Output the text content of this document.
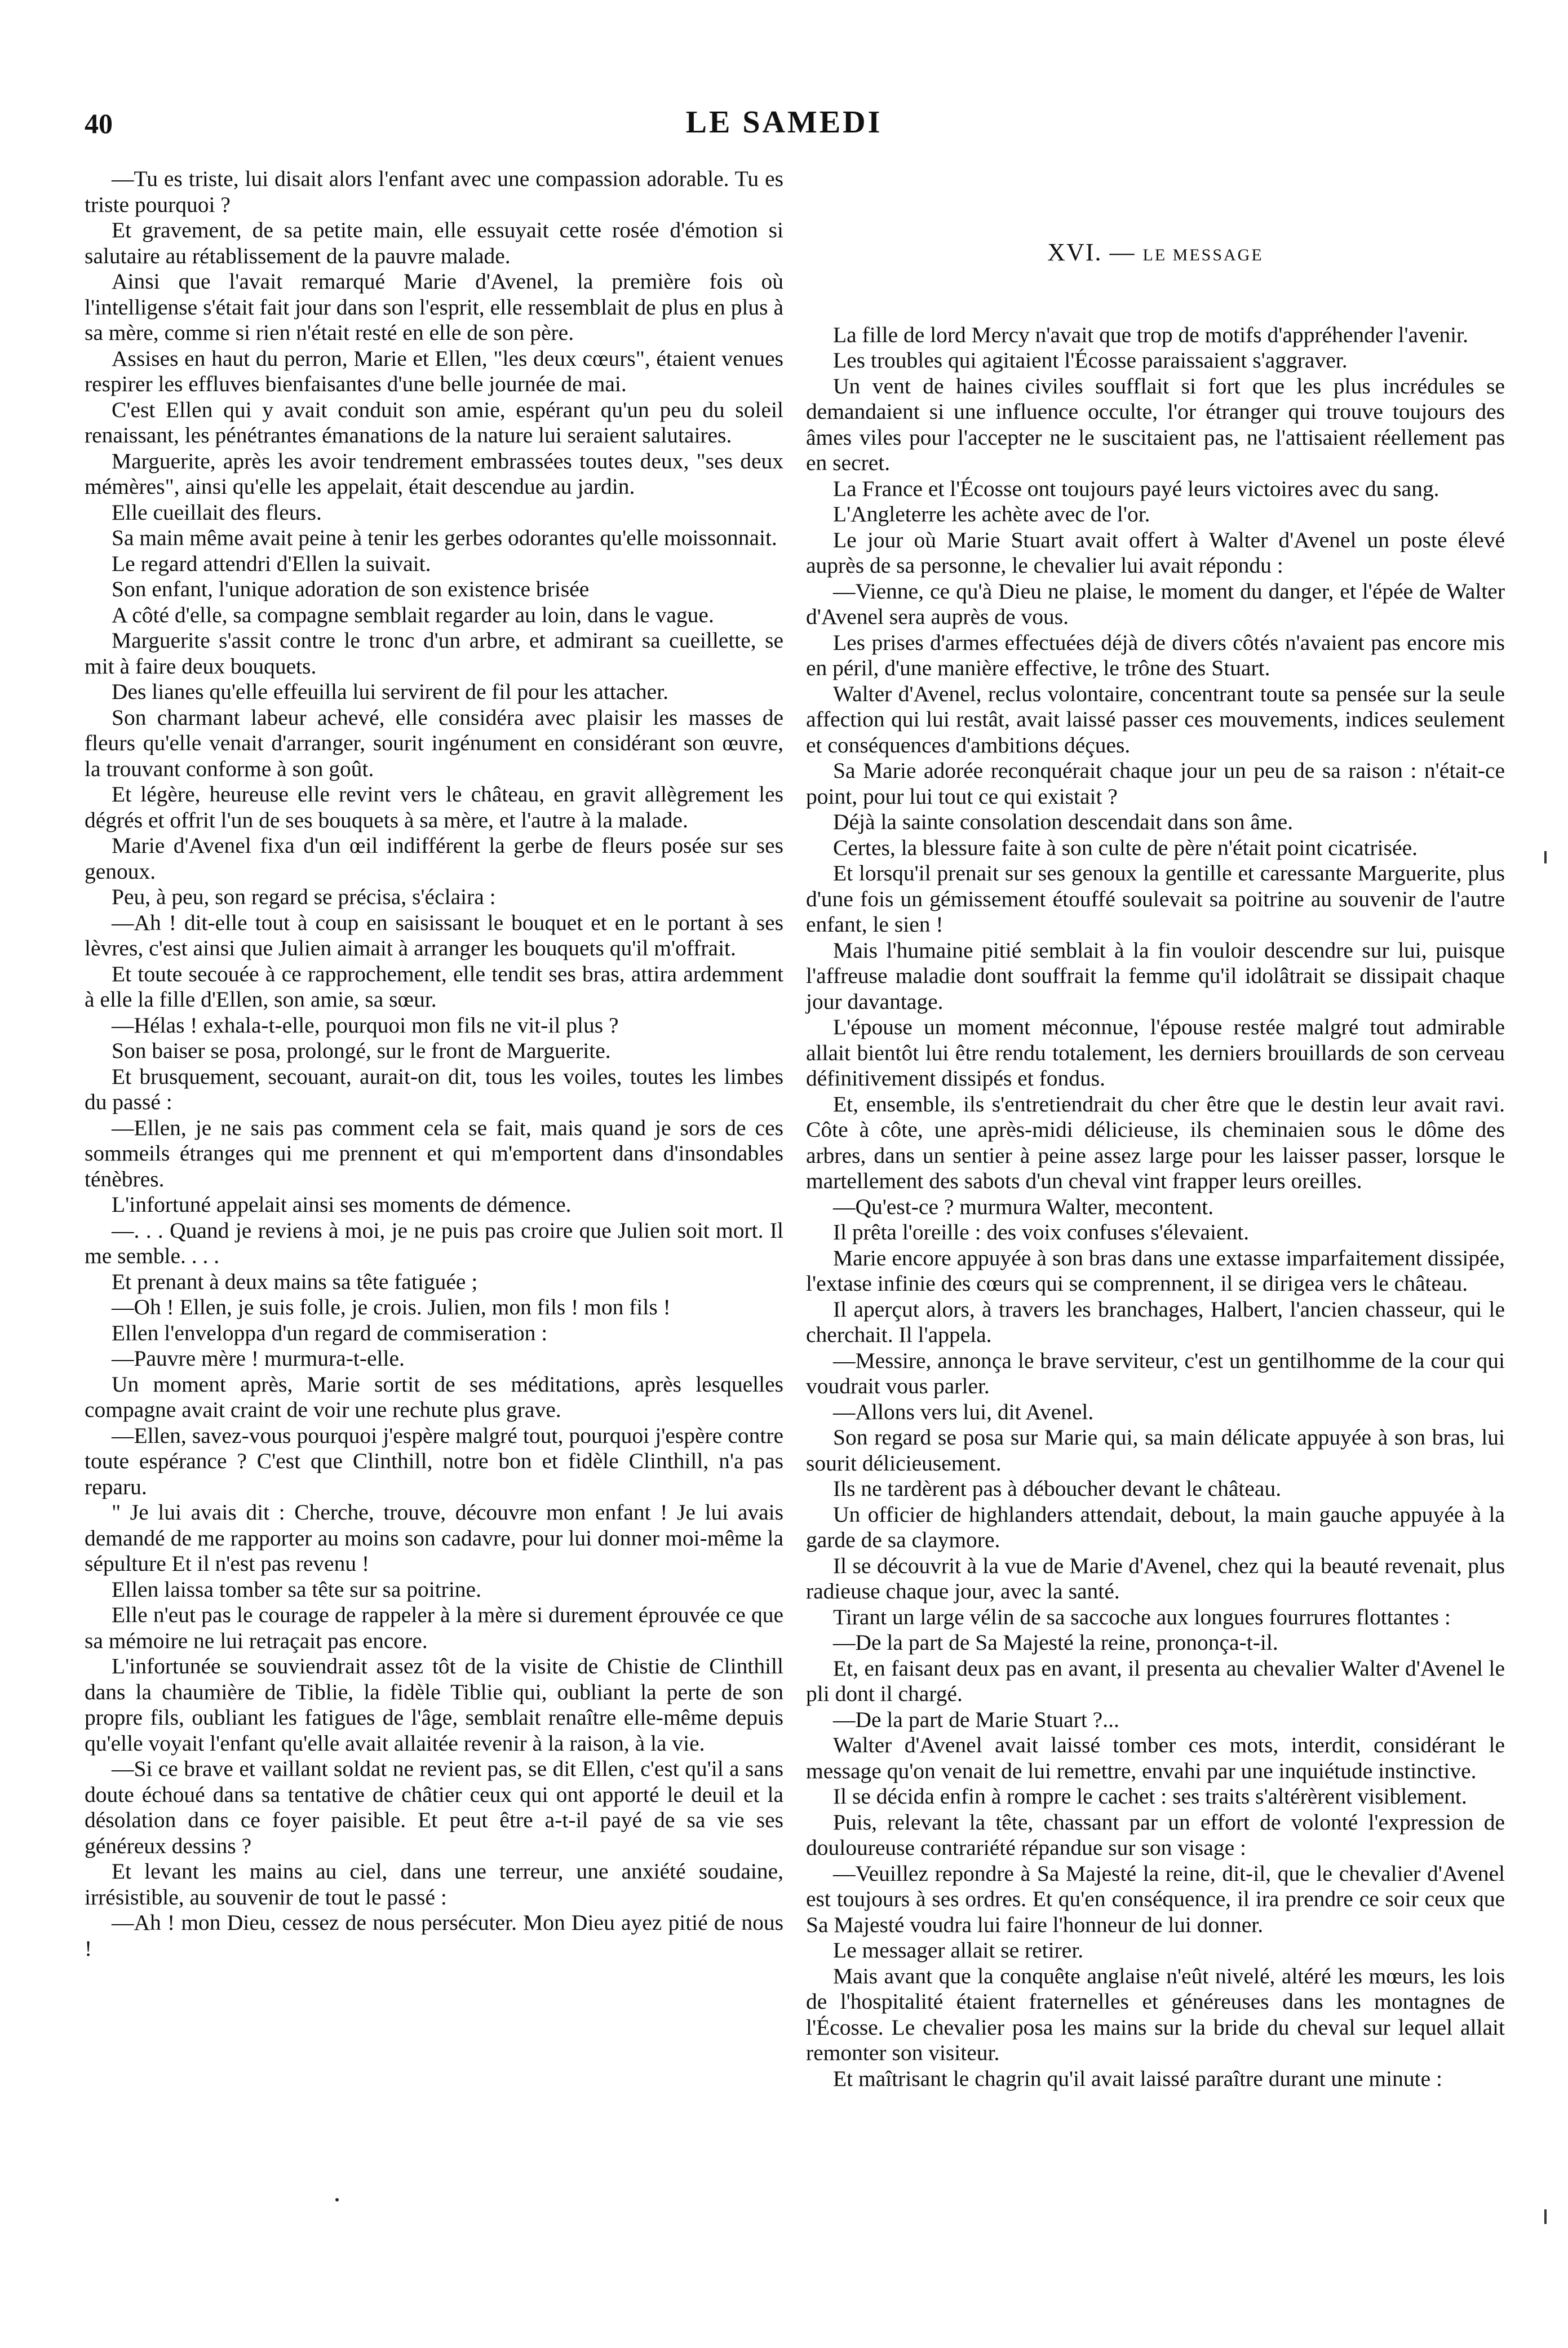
40	LE SAMEDI

—Tu es triste, lui disait alors l'enfant avec une compassion adorable. Tu es triste pourquoi ?

Et gravement, de sa petite main, elle essuyait cette rosée d'émotion si salutaire au rétablissement de la pauvre malade.

Ainsi que l'avait remarqué Marie d'Avenel, la première fois où l'intelligense s'était fait jour dans son l'esprit, elle ressemblait de plus en plus à sa mère, comme si rien n'était resté en elle de son père.

Assises en haut du perron, Marie et Ellen, "les deux cœurs", étaient venues respirer les effluves bienfaisantes d'une belle journée de mai.

C'est Ellen qui y avait conduit son amie, espérant qu'un peu du soleil renaissant, les pénétrantes émanations de la nature lui seraient salutaires.

Marguerite, après les avoir tendrement embrassées toutes deux, "ses deux mémères", ainsi qu'elle les appelait, était descendue au jardin.

Elle cueillait des fleurs.

Sa main même avait peine à tenir les gerbes odorantes qu'elle moissonnait.

Le regard attendri d'Ellen la suivait.

Son enfant, l'unique adoration de son existence brisée

A côté d'elle, sa compagne semblait regarder au loin, dans le vague.

Marguerite s'assit contre le tronc d'un arbre, et admirant sa cueillette, se mit à faire deux bouquets.

Des lianes qu'elle effeuilla lui servirent de fil pour les attacher.

Son charmant labeur achevé, elle considéra avec plaisir les masses de fleurs qu'elle venait d'arranger, sourit ingénument en considérant son œuvre, la trouvant conforme à son goût.

Et légère, heureuse elle revint vers le château, en gravit allègrement les dégrés et offrit l'un de ses bouquets à sa mère, et l'autre à la malade.

Marie d'Avenel fixa d'un œil indifférent la gerbe de fleurs posée sur ses genoux.

Peu, à peu, son regard se précisa, s'éclaira :

—Ah ! dit-elle tout à coup en saisissant le bouquet et en le portant à ses lèvres, c'est ainsi que Julien aimait à arranger les bouquets qu'il m'offrait.

Et toute secouée à ce rapprochement, elle tendit ses bras, attira ardemment à elle la fille d'Ellen, son amie, sa sœur.

—Hélas ! exhala-t-elle, pourquoi mon fils ne vit-il plus ?

Son baiser se posa, prolongé, sur le front de Marguerite.

Et brusquement, secouant, aurait-on dit, tous les voiles, toutes les limbes du passé :

—Ellen, je ne sais pas comment cela se fait, mais quand je sors de ces sommeils étranges qui me prennent et qui m'emportent dans d'insondables ténèbres.

L'infortuné appelait ainsi ses moments de démence.

—. . . Quand je reviens à moi, je ne puis pas croire que Julien soit mort. Il me semble. . . .

Et prenant à deux mains sa tête fatiguée ;

—Oh ! Ellen, je suis folle, je crois. Julien, mon fils ! mon fils !

Ellen l'enveloppa d'un regard de commiseration :

—Pauvre mère ! murmura-t-elle.

Un moment après, Marie sortit de ses méditations, après lesquelles compagne avait craint de voir une rechute plus grave.

—Ellen, savez-vous pourquoi j'espère malgré tout, pourquoi j'espère contre toute espérance ? C'est que Clinthill, notre bon et fidèle Clinthill, n'a pas reparu.

" Je lui avais dit : Cherche, trouve, découvre mon enfant ! Je lui avais demandé de me rapporter au moins son cadavre, pour lui donner moi-même la sépulture Et il n'est pas revenu !

Ellen laissa tomber sa tête sur sa poitrine.

Elle n'eut pas le courage de rappeler à la mère si durement éprouvée ce que sa mémoire ne lui retraçait pas encore.

L'infortunée se souviendrait assez tôt de la visite de Chistie de Clinthill dans la chaumière de Tiblie, la fidèle Tiblie qui, oubliant la perte de son propre fils, oubliant les fatigues de l'âge, semblait renaître elle-même depuis qu'elle voyait l'enfant qu'elle avait allaitée revenir à la raison, à la vie.

—Si ce brave et vaillant soldat ne revient pas, se dit Ellen, c'est qu'il a sans doute échoué dans sa tentative de châtier ceux qui ont apporté le deuil et la désolation dans ce foyer paisible. Et peut être a-t-il payé de sa vie ses généreux dessins ?

Et levant les mains au ciel, dans une terreur, une anxiété soudaine, irrésistible, au souvenir de tout le passé :

—Ah ! mon Dieu, cessez de nous persécuter. Mon Dieu ayez pitié de nous !

XVI. — LE MESSAGE

La fille de lord Mercy n'avait que trop de motifs d'appréhender l'avenir.

Les troubles qui agitaient l'Écosse paraissaient s'aggraver.

Un vent de haines civiles soufflait si fort que les plus incrédules se demandaient si une influence occulte, l'or étranger qui trouve toujours des âmes viles pour l'accepter ne le suscitaient pas, ne l'attisaient réellement pas en secret.

La France et l'Écosse ont toujours payé leurs victoires avec du sang.

L'Angleterre les achète avec de l'or.

Le jour où Marie Stuart avait offert à Walter d'Avenel un poste élevé auprès de sa personne, le chevalier lui avait répondu :

—Vienne, ce qu'à Dieu ne plaise, le moment du danger, et l'épée de Walter d'Avenel sera auprès de vous.

Les prises d'armes effectuées déjà de divers côtés n'avaient pas encore mis en péril, d'une manière effective, le trône des Stuart.

Walter d'Avenel, reclus volontaire, concentrant toute sa pensée sur la seule affection qui lui restât, avait laissé passer ces mouvements, indices seulement et conséquences d'ambitions déçues.

Sa Marie adorée reconquérait chaque jour un peu de sa raison : n'était-ce point, pour lui tout ce qui existait ?

Déjà la sainte consolation descendait dans son âme.

Certes, la blessure faite à son culte de père n'était point cicatrisée.

Et lorsqu'il prenait sur ses genoux la gentille et caressante Marguerite, plus d'une fois un gémissement étouffé soulevait sa poitrine au souvenir de l'autre enfant, le sien !

Mais l'humaine pitié semblait à la fin vouloir descendre sur lui, puisque l'affreuse maladie dont souffrait la femme qu'il idolâtrait se dissipait chaque jour davantage.

L'épouse un moment méconnue, l'épouse restée malgré tout admirable allait bientôt lui être rendu totalement, les derniers brouillards de son cerveau définitivement dissipés et fondus.

Et, ensemble, ils s'entretiendrait du cher être que le destin leur avait ravi. Côte à côte, une après-midi délicieuse, ils cheminaien sous le dôme des arbres, dans un sentier à peine assez large pour les laisser passer, lorsque le martellement des sabots d'un cheval vint frapper leurs oreilles.

—Qu'est-ce ? murmura Walter, mecontent.

Il prêta l'oreille : des voix confuses s'élevaient.

Marie encore appuyée à son bras dans une extasse imparfaitement dissipée, l'extase infinie des cœurs qui se comprennent, il se dirigea vers le château.

Il aperçut alors, à travers les branchages, Halbert, l'ancien chasseur, qui le cherchait. Il l'appela.

—Messire, annonça le brave serviteur, c'est un gentilhomme de la cour qui voudrait vous parler.

—Allons vers lui, dit Avenel.

Son regard se posa sur Marie qui, sa main délicate appuyée à son bras, lui sourit délicieusement.

Ils ne tardèrent pas à déboucher devant le château.

Un officier de highlanders attendait, debout, la main gauche appuyée à la garde de sa claymore.

Il se découvrit à la vue de Marie d'Avenel, chez qui la beauté revenait, plus radieuse chaque jour, avec la santé.

Tirant un large vélin de sa saccoche aux longues fourrures flottantes :

—De la part de Sa Majesté la reine, prononça-t-il.

Et, en faisant deux pas en avant, il presenta au chevalier Walter d'Avenel le pli dont il chargé.

—De la part de Marie Stuart ?...

Walter d'Avenel avait laissé tomber ces mots, interdit, considérant le message qu'on venait de lui remettre, envahi par une inquiétude instinctive.

Il se décida enfin à rompre le cachet : ses traits s'altérèrent visiblement.

Puis, relevant la tête, chassant par un effort de volonté l'expression de douloureuse contrariété répandue sur son visage :

—Veuillez repondre à Sa Majesté la reine, dit-il, que le chevalier d'Avenel est toujours à ses ordres. Et qu'en conséquence, il ira prendre ce soir ceux que Sa Majesté voudra lui faire l'honneur de lui donner.

Le messager allait se retirer.

Mais avant que la conquête anglaise n'eût nivelé, altéré les mœurs, les lois de l'hospitalité étaient fraternelles et généreuses dans les montagnes de l'Écosse. Le chevalier posa les mains sur la bride du cheval sur lequel allait remonter son visiteur.

Et maîtrisant le chagrin qu'il avait laissé paraître durant une minute :
